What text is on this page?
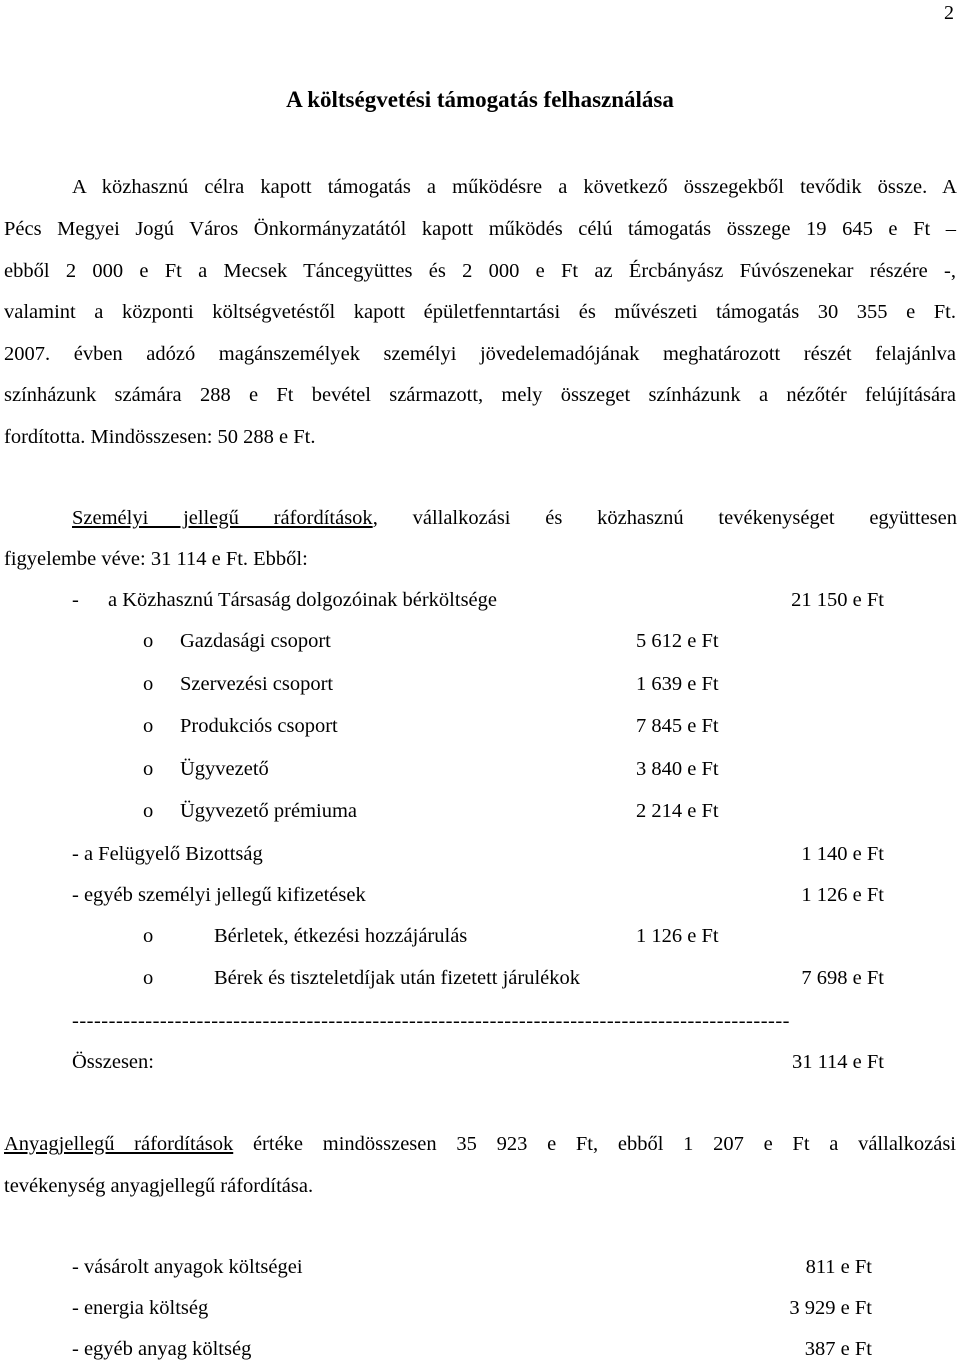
2
A költségvetési támogatás felhasználása
A közhasznú célra kapott támogatás a működésre a következő összegekből tevődik össze. A
Pécs Megyei Jogú Város Önkormányzatától kapott működés célú támogatás összege 19 645 e Ft –
ebből 2 000 e Ft a Mecsek Táncegyüttes és 2 000 e Ft az Ércbányász Fúvószenekar részére -,
valamint a központi költségvetéstől kapott épületfenntartási és művészeti támogatás 30 355 e Ft.
2007. évben adózó magánszemélyek személyi jövedelemadójának meghatározott részét felajánlva
színházunk számára 288 e Ft bevétel származott, mely összeget színházunk a nézőtér felújítására
fordította. Mindösszesen: 50 288 e Ft.
Személyi jellegű ráfordítások, vállalkozási és közhasznú tevékenységet együttesen
figyelembe véve: 31 114 e Ft. Ebből:
- a Közhasznú Társaság dolgozóinak bérköltsége	21 150 e Ft
o Gazdasági csoport	5 612 e Ft
o Szervezési csoport	1 639 e Ft
o Produkciós csoport	7 845 e Ft
o Ügyvezető	3 840 e Ft
o Ügyvezető prémiuma	2 214 e Ft
- a Felügyelő Bizottság	1 140 e Ft
- egyéb személyi jellegű kifizetések	1 126 e Ft
o	Bérletek, étkezési hozzájárulás	1 126 e Ft
o	Bérek és tiszteletdíjak után fizetett járulékok	7 698 e Ft
--------------------------------------------------------------------------------------------------
Összesen:	31 114 e Ft
Anyagjellegű ráfordítások értéke mindösszesen 35 923 e Ft, ebből 1 207 e Ft a vállalkozási
tevékenység anyagjellegű ráfordítása.
- vásárolt anyagok költségei	811 e Ft
- energia költség	3 929 e Ft
- egyéb anyag költség	387 e Ft
